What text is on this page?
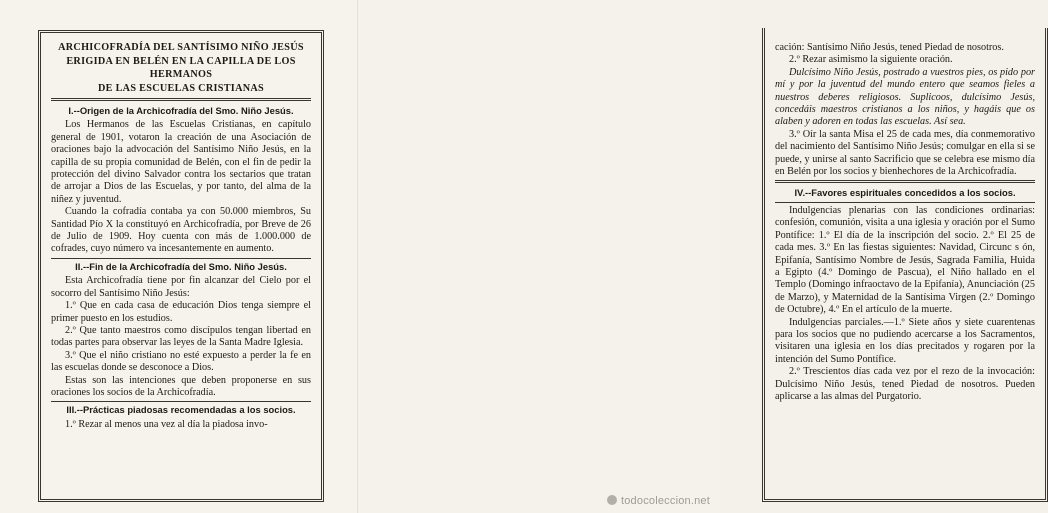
ARCHICOFRADÍA DEL SANTÍSIMO NIÑO JESÚS
ERIGIDA EN BELÉN EN LA CAPILLA DE LOS HERMANOS
DE LAS ESCUELAS CRISTIANAS
I.--Origen de la Archicofradía del Smo. Niño Jesús.

Los Hermanos de las Escuelas Cristianas, en capítulo general de 1901, votaron la creación de una Asociación de oraciones bajo la advocación del Santísimo Niño Jesús, en la capilla de su propia comunidad de Belén, con el fin de pedir la protección del divino Salvador contra los sectarios que tratan de arrojar a Dios de las Escuelas, y por tanto, del alma de la niñez y juventud.

Cuando la cofradía contaba ya con 50.000 miembros, Su Santidad Pío X la constituyó en Archicofradía, por Breve de 26 de Julio de 1909. Hoy cuenta con más de 1.000.000 de cofrades, cuyo número va incesantemente en aumento.

II.--Fin de la Archicofradía del Smo. Niño Jesús.

Esta Archicofradía tiene por fin alcanzar del Cielo por el socorro del Santísimo Niño Jesús:

1.º Que en cada casa de educación Dios tenga siempre el primer puesto en los estudios.

2.º Que tanto maestros como discípulos tengan libertad en todas partes para observar las leyes de la Santa Madre Iglesia.

3.º Que el niño cristiano no esté expuesto a perder la fe en las escuelas donde se desconoce a Dios.

Estas son las intenciones que deben proponerse en sus oraciones los socios de la Archicofradía.

III.--Prácticas piadosas recomendadas a los socios.

1.º Rezar al menos una vez al día la piadosa invo-

cación: Santísimo Niño Jesús, tened Piedad de nosotros.

2.º Rezar asimismo la siguiente oración.

Dulcísimo Niño Jesús, postrado a vuestros pies, os pido por mí y por la juventud del mundo entero que seamos fieles a nuestros deberes religiosos. Suplicoos, dulcísimo Jesús, concedáis maestros cristianos a los niños, y hagáis que os alaben y adoren en todas las escuelas. Así sea.

3.º Oír la santa Misa el 25 de cada mes, día conmemorativo del nacimiento del Santísimo Niño Jesús; comulgar en ella si se puede, y unirse al santo Sacrificio que se celebra ese mismo día en Belén por los socios y bienhechores de la Archicofradía.

IV.--Favores espirituales concedidos a los socios.

Indulgencias plenarias con las condiciones ordinarias: confesión, comunión, visita a una iglesia y oración por el Sumo Pontífice: 1.º El día de la inscripción del socio. 2.º El 25 de cada mes. 3.º En las fiestas siguientes: Navidad, Circunc s ón, Epifanía, Santísimo Nombre de Jesús, Sagrada Familia, Huida a Egipto (4.º Domingo de Pascua), el Niño hallado en el Templo (Domingo infraoctavo de la Epifanía), Anunciación (25 de Marzo), y Maternidad de la Santísima Virgen (2.º Domingo de Octubre), 4.º En el artículo de la muerte.

Indulgencias parciales.—1.º Siete años y siete cuarentenas para los socios que no pudiendo acercarse a los Sacramentos, visitaren una iglesia en los días precitados y rogaren por la intención del Sumo Pontífice.

2.º Trescientos días cada vez por el rezo de la invocación: Dulcísimo Niño Jesús, tened Piedad de nosotros. Pueden aplicarse a las almas del Purgatorio.

todocoleccion.net
